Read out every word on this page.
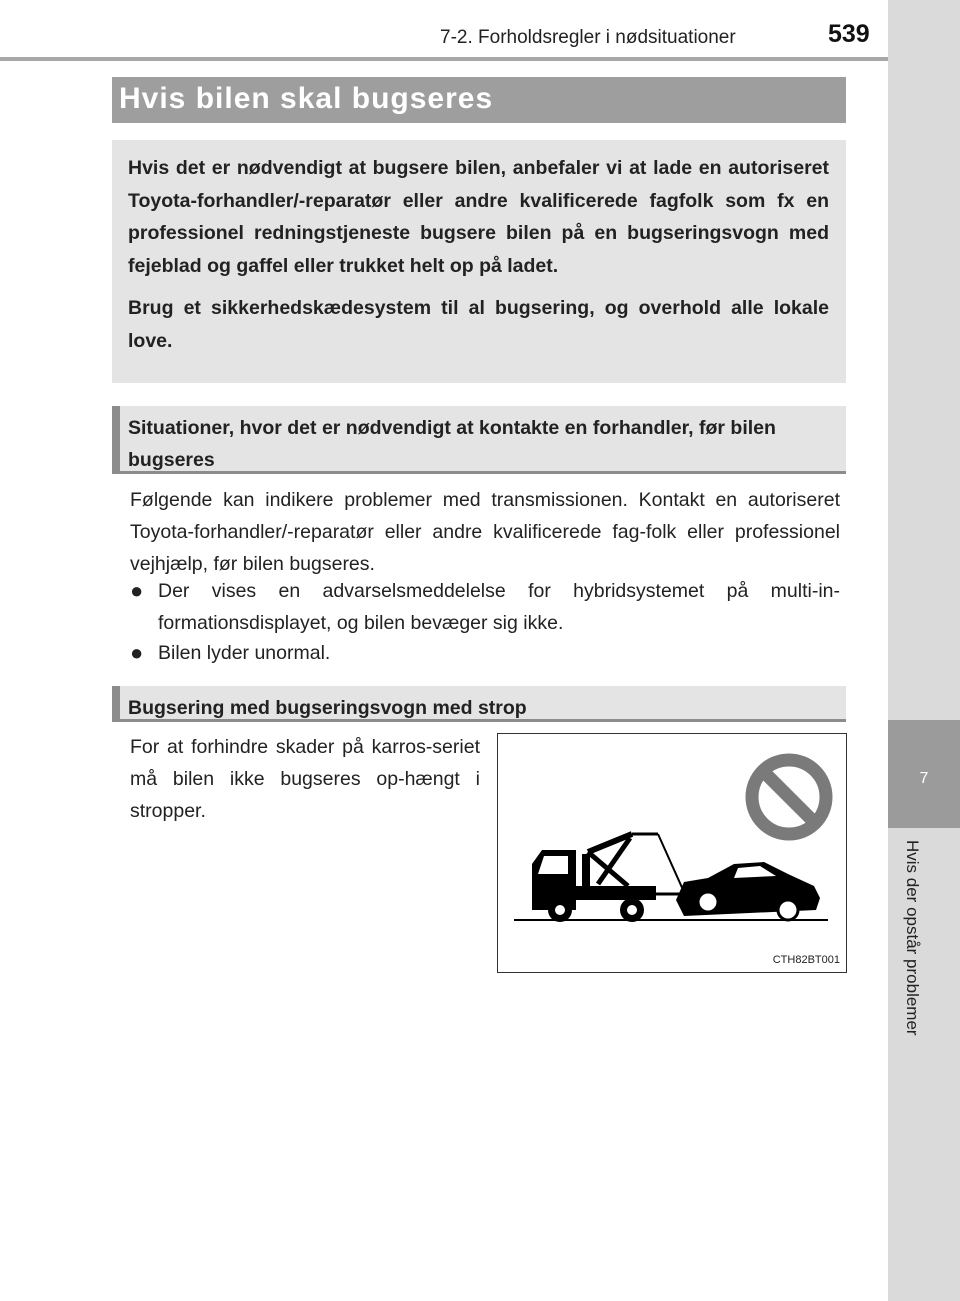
7-2. Forholdsregler i nødsituationer	539
7
Hvis der opstår problemer
Hvis bilen skal bugseres

Hvis det er nødvendigt at bugsere bilen, anbefaler vi at lade en autoriseret Toyota-forhandler/-reparatør eller andre kvalificerede fagfolk som fx en professionel redningstjeneste bugsere bilen på en bugseringsvogn med fejeblad og gaffel eller trukket helt op på ladet.

Brug et sikkerhedskædesystem til al bugsering, og overhold alle lokale love.

Situationer, hvor det er nødvendigt at kontakte en forhandler, før bilen bugseres
Følgende kan indikere problemer med transmissionen. Kontakt en autoriseret Toyota-forhandler/-reparatør eller andre kvalificerede fag-folk eller professionel vejhjælp, før bilen bugseres.
● Der vises en advarselsmeddelelse for hybridsystemet på multi-in-formationsdisplayet, og bilen bevæger sig ikke.
● Bilen lyder unormal.
Bugsering med bugseringsvogn med strop
For at forhindre skader på karros-seriet må bilen ikke bugseres op-hængt i stropper.
CTH82BT001
